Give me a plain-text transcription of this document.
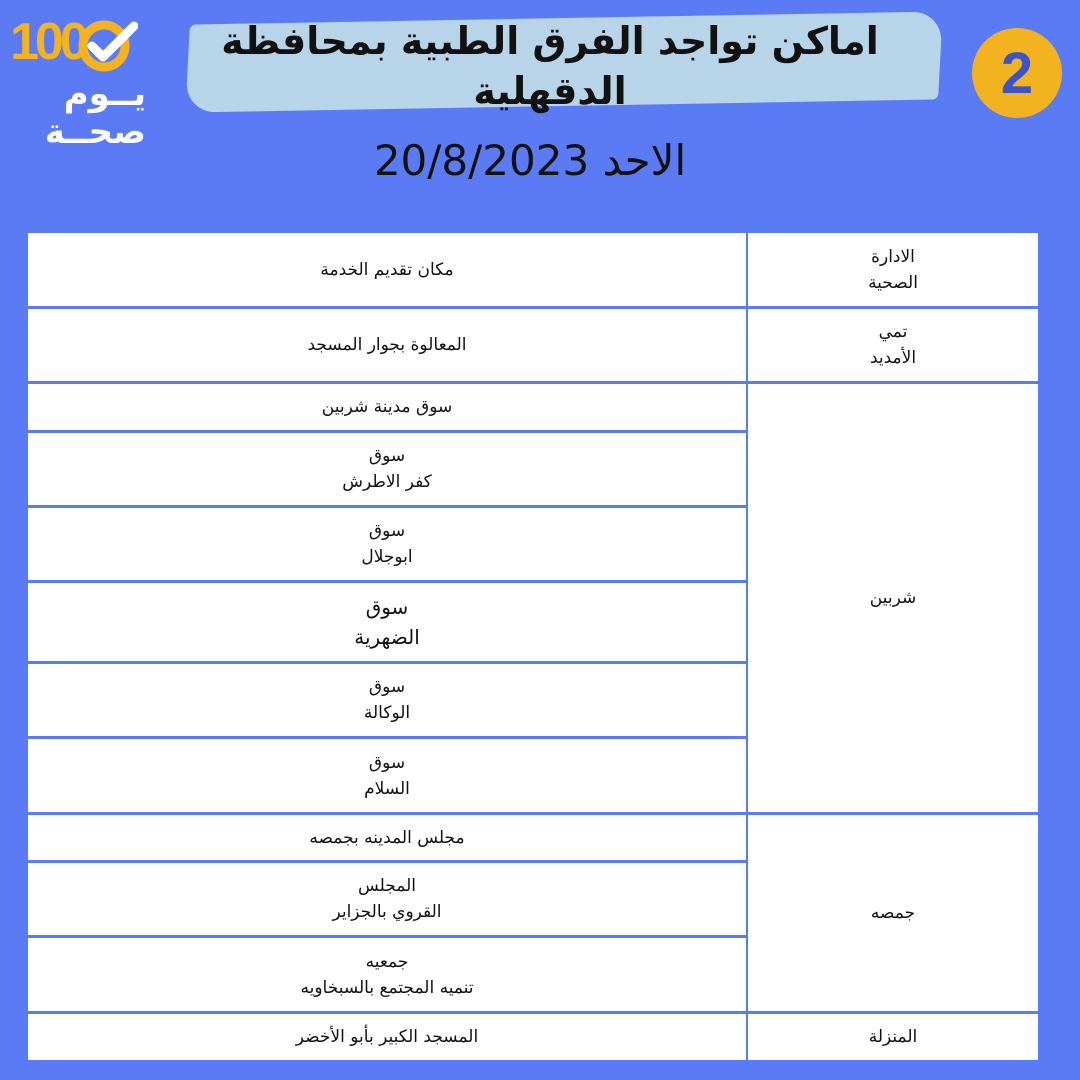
100
يــوم
صحــة
اماكن تواجد الفرق الطبية بمحافظة الدقهلية	2
الاحد 20/8/2023
الادارة
الصحية
مكان تقديم الخدمة
تمي
الأمديد
المعالوة بجوار المسجد
شربين
سوق مدينة شربين
سوق
كفر الاطرش
سوق
ابوجلال
سوق
الضهرية
سوق
الوكالة
سوق
السلام
جمصه
مجلس المدينه بجمصه
المجلس
القروي بالجزاير
جمعيه
تنميه المجتمع بالسبخاويه
المنزلة
المسجد الكبير بأبو الأخضر
